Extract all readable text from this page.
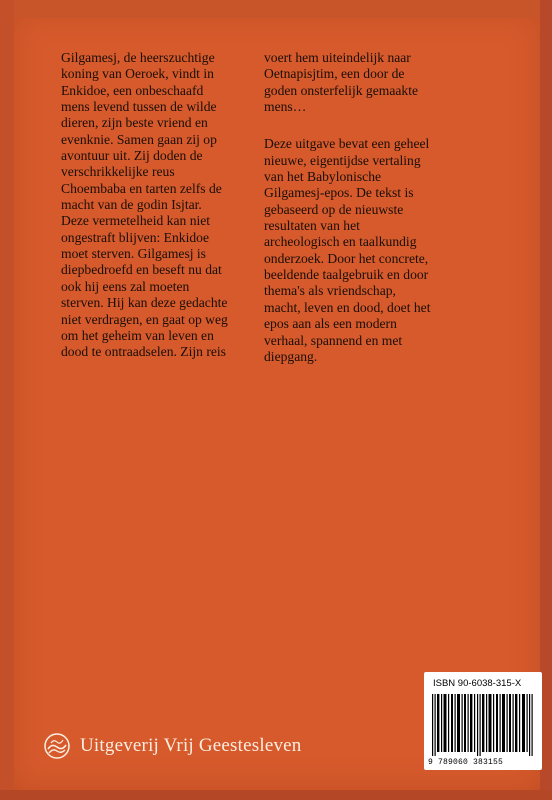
Gilgamesj, de heerszuchtige
koning van Oeroek, vindt in
Enkidoe, een onbeschaafd
mens levend tussen de wilde
dieren, zijn beste vriend en
evenknie. Samen gaan zij op
avontuur uit. Zij doden de
verschrikkelijke reus
Choembaba en tarten zelfs de
macht van de godin Isjtar.
Deze vermetelheid kan niet
ongestraft blijven: Enkidoe
moet sterven. Gilgamesj is
diepbedroefd en beseft nu dat
ook hij eens zal moeten
sterven. Hij kan deze gedachte
niet verdragen, en gaat op weg
om het geheim van leven en
dood te ontraadselen. Zijn reis

voert hem uiteindelijk naar
Oetnapisjtim, een door de
goden onsterfelijk gemaakte
mens…

Deze uitgave bevat een geheel
nieuwe, eigentijdse vertaling
van het Babylonische
Gilgamesj-epos. De tekst is
gebaseerd op de nieuwste
resultaten van het
archeologisch en taalkundig
onderzoek. Door het concrete,
beeldende taalgebruik en door
thema's als vriendschap,
macht, leven en dood, doet het
epos aan als een modern
verhaal, spannend en met
diepgang.

Uitgeverij Vrij Geestesleven
ISBN 90-6038-315-X
9 789060 383155
